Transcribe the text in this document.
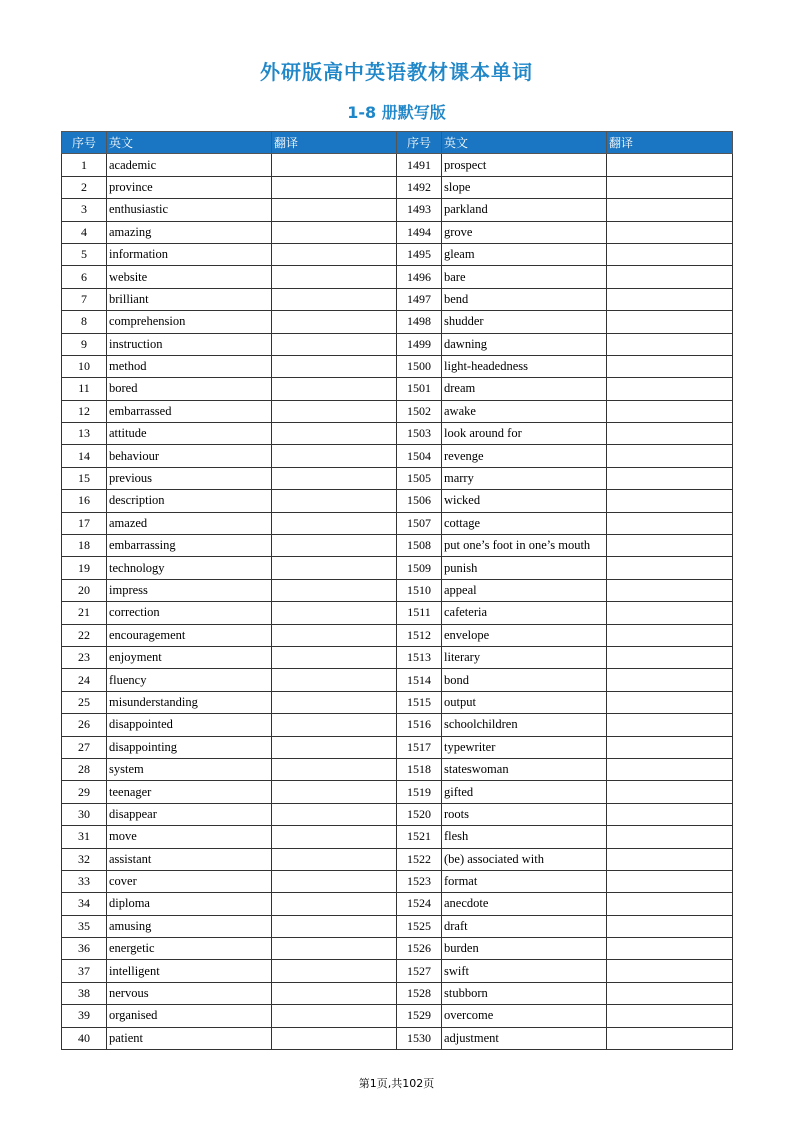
外研版高中英语教材课本单词
1-8 册默写版
序号	英文	翻译	序号	英文	翻译
1	academic		1491	prospect	
2	province		1492	slope	
3	enthusiastic		1493	parkland	
4	amazing		1494	grove	
5	information		1495	gleam	
6	website		1496	bare	
7	brilliant		1497	bend	
8	comprehension		1498	shudder	
9	instruction		1499	dawning	
10	method		1500	light-headedness	
11	bored		1501	dream	
12	embarrassed		1502	awake	
13	attitude		1503	look around for	
14	behaviour		1504	revenge	
15	previous		1505	marry	
16	description		1506	wicked	
17	amazed		1507	cottage	
18	embarrassing		1508	put one’s foot in one’s mouth	
19	technology		1509	punish	
20	impress		1510	appeal	
21	correction		1511	cafeteria	
22	encouragement		1512	envelope	
23	enjoyment		1513	literary	
24	fluency		1514	bond	
25	misunderstanding		1515	output	
26	disappointed		1516	schoolchildren	
27	disappointing		1517	typewriter	
28	system		1518	stateswoman	
29	teenager		1519	gifted	
30	disappear		1520	roots	
31	move		1521	flesh	
32	assistant		1522	(be) associated with	
33	cover		1523	format	
34	diploma		1524	anecdote	
35	amusing		1525	draft	
36	energetic		1526	burden	
37	intelligent		1527	swift	
38	nervous		1528	stubborn	
39	organised		1529	overcome	
40	patient		1530	adjustment	
第1页,共102页
